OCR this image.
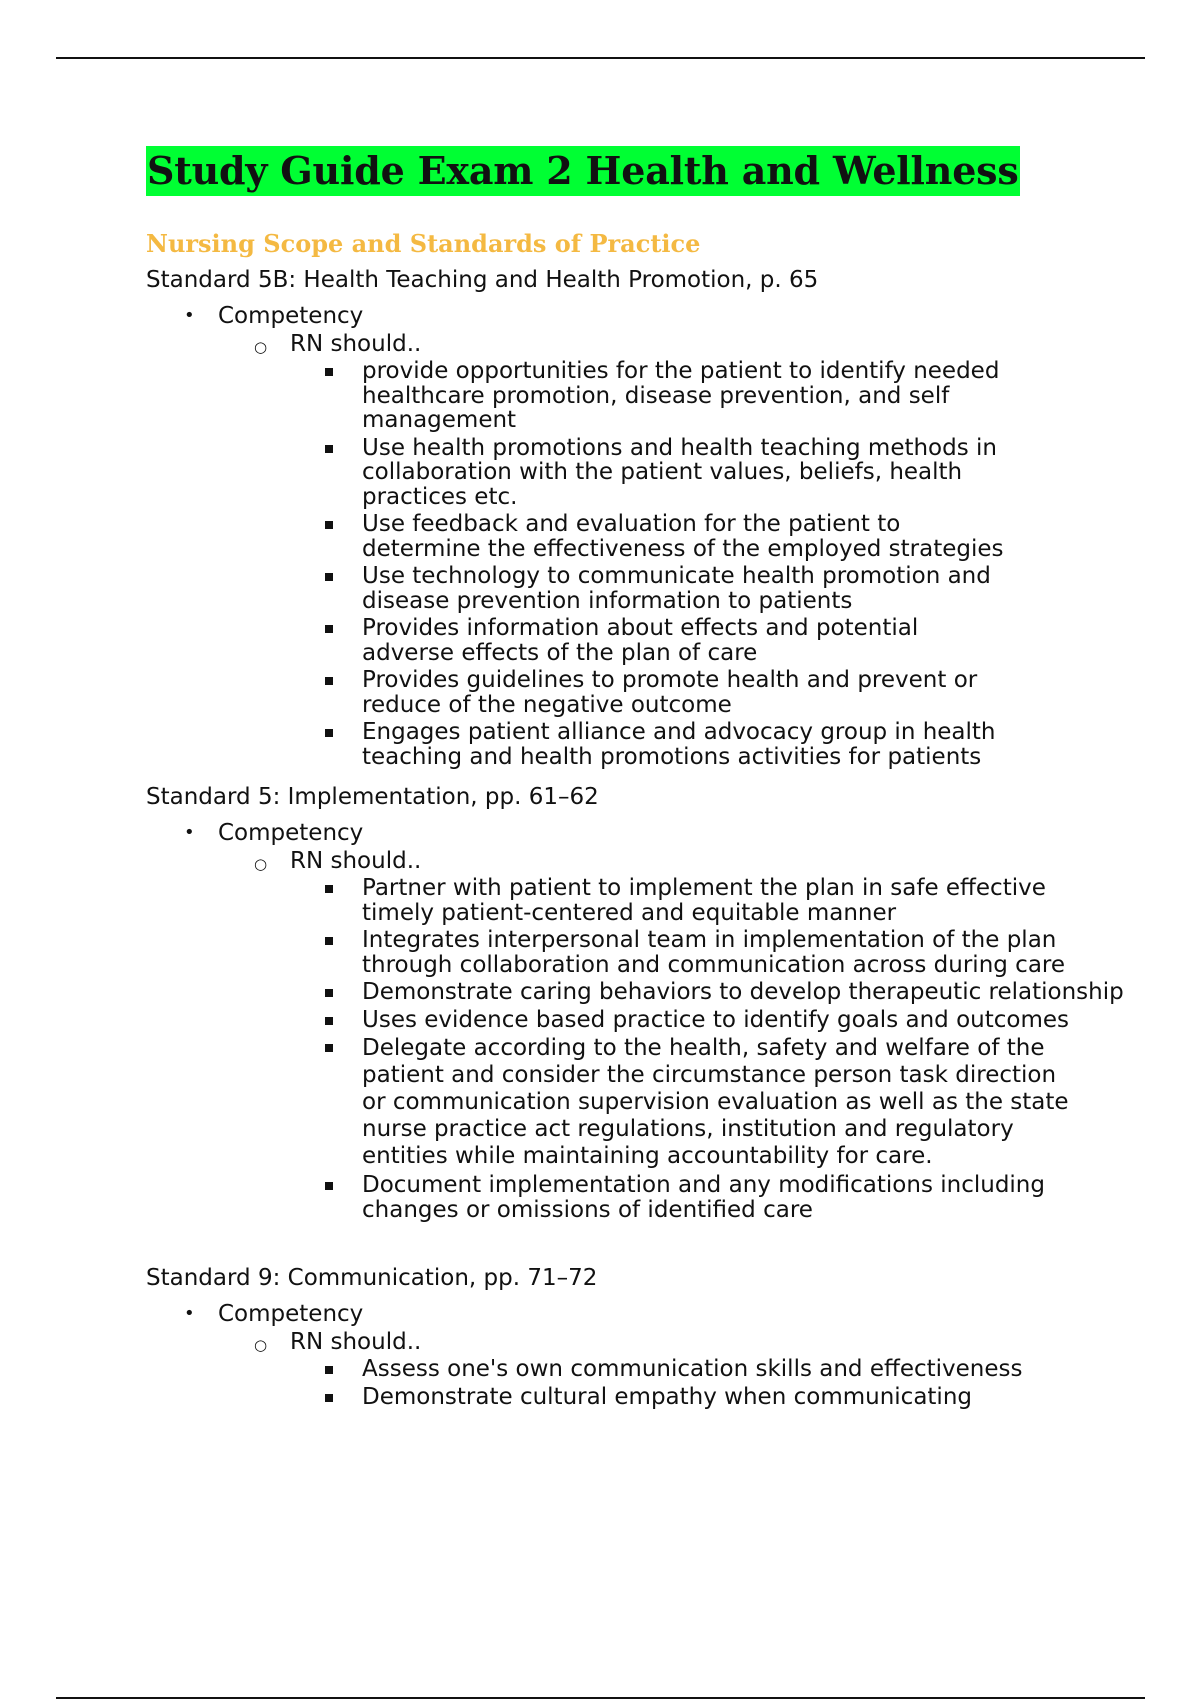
Study Guide Exam 2 Health and Wellness
Nursing Scope and Standards of Practice

Standard 5B: Health Teaching and Health Promotion, p. 65

• Competency
○ RN should..
provide opportunities for the patient to identify needed healthcare promotion, disease prevention, and self management
Use health promotions and health teaching methods in collaboration with the patient values, beliefs, health practices etc.
Use feedback and evaluation for the patient to determine the effectiveness of the employed strategies
Use technology to communicate health promotion and disease prevention information to patients
Provides information about effects and potential adverse effects of the plan of care
Provides guidelines to promote health and prevent or reduce of the negative outcome
Engages patient alliance and advocacy group in health teaching and health promotions activities for patients

Standard 5: Implementation, pp. 61–62

• Competency
○ RN should..
Partner with patient to implement the plan in safe effective timely patient-centered and equitable manner
Integrates interpersonal team in implementation of the plan through collaboration and communication across during care
Demonstrate caring behaviors to develop therapeutic relationship
Uses evidence based practice to identify goals and outcomes
Delegate according to the health, safety and welfare of the patient and consider the circumstance person task direction or communication supervision evaluation as well as the state nurse practice act regulations, institution and regulatory entities while maintaining accountability for care.
Document implementation and any modifications including changes or omissions of identified care

Standard 9: Communication, pp. 71–72

• Competency
○ RN should..
Assess one's own communication skills and effectiveness
Demonstrate cultural empathy when communicating
